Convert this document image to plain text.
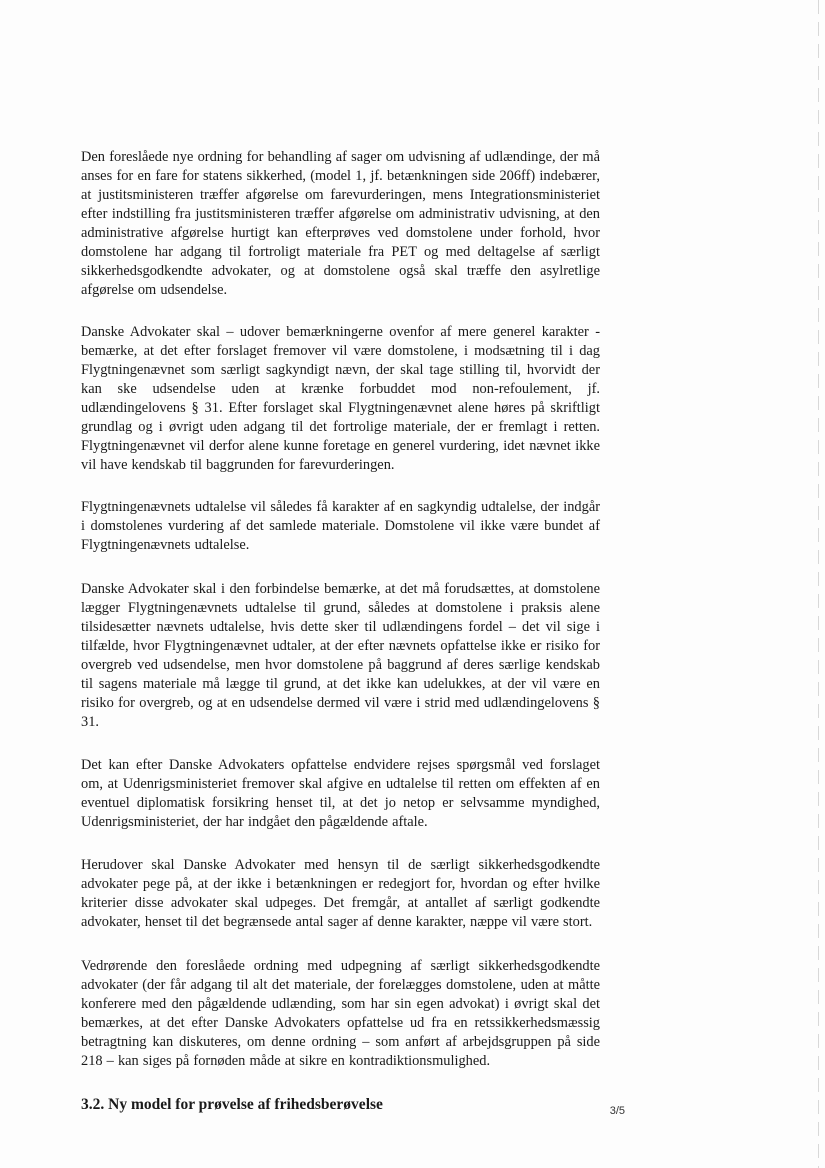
Den foreslåede nye ordning for behandling af sager om udvisning af udlændinge, der må anses for en fare for statens sikkerhed, (model 1, jf. betænkningen side 206ff) indebærer, at justitsministeren træffer afgørelse om farevurderingen, mens Integrationsministeriet efter indstilling fra justitsministeren træffer afgørelse om administrativ udvisning, at den administrative afgørelse hurtigt kan efterprøves ved domstolene under forhold, hvor domstolene har adgang til fortroligt materiale fra PET og med deltagelse af særligt sikkerhedsgodkendte advokater, og at domstolene også skal træffe den asylretlige afgørelse om udsendelse.

Danske Advokater skal – udover bemærkningerne ovenfor af mere generel karakter - bemærke, at det efter forslaget fremover vil være domstolene, i modsætning til i dag Flygtningenævnet som særligt sagkyndigt nævn, der skal tage stilling til, hvorvidt der kan ske udsendelse uden at krænke forbuddet mod non-refoulement, jf. udlændingelovens § 31. Efter forslaget skal Flygtningenævnet alene høres på skriftligt grundlag og i øvrigt uden adgang til det fortrolige materiale, der er fremlagt i retten. Flygtningenævnet vil derfor alene kunne foretage en generel vurdering, idet nævnet ikke vil have kendskab til baggrunden for farevurderingen.

Flygtningenævnets udtalelse vil således få karakter af en sagkyndig udtalelse, der indgår i domstolenes vurdering af det samlede materiale. Domstolene vil ikke være bundet af Flygtningenævnets udtalelse.

Danske Advokater skal i den forbindelse bemærke, at det må forudsættes, at domstolene lægger Flygtningenævnets udtalelse til grund, således at domstolene i praksis alene tilsidesætter nævnets udtalelse, hvis dette sker til udlændingens fordel – det vil sige i tilfælde, hvor Flygtningenævnet udtaler, at der efter nævnets opfattelse ikke er risiko for overgreb ved udsendelse, men hvor domstolene på baggrund af deres særlige kendskab til sagens materiale må lægge til grund, at det ikke kan udelukkes, at der vil være en risiko for overgreb, og at en udsendelse dermed vil være i strid med udlændingelovens § 31.

Det kan efter Danske Advokaters opfattelse endvidere rejses spørgsmål ved forslaget om, at Udenrigsministeriet fremover skal afgive en udtalelse til retten om effekten af en eventuel diplomatisk forsikring henset til, at det jo netop er selvsamme myndighed, Udenrigsministeriet, der har indgået den pågældende aftale.

Herudover skal Danske Advokater med hensyn til de særligt sikkerhedsgodkendte advokater pege på, at der ikke i betænkningen er redegjort for, hvordan og efter hvilke kriterier disse advokater skal udpeges. Det fremgår, at antallet af særligt godkendte advokater, henset til det begrænsede antal sager af denne karakter, næppe vil være stort.

Vedrørende den foreslåede ordning med udpegning af særligt sikkerhedsgodkendte advokater (der får adgang til alt det materiale, der forelægges domstolene, uden at måtte konferere med den pågældende udlænding, som har sin egen advokat) i øvrigt skal det bemærkes, at det efter Danske Advokaters opfattelse ud fra en retssikkerhedsmæssig betragtning kan diskuteres, om denne ordning – som anført af arbejdsgruppen på side 218 – kan siges på fornøden måde at sikre en kontradiktionsmulighed.

3.2. Ny model for prøvelse af frihedsberøvelse	3/5
